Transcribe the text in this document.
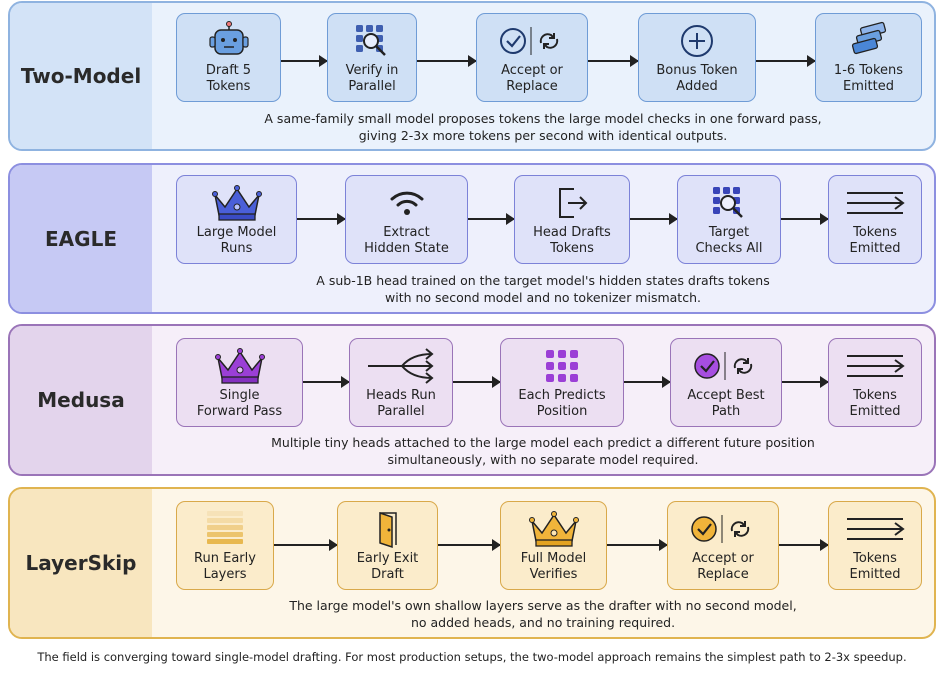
Two-Model	Draft 5
Tokens
Verify in
Parallel
Accept or
Replace
Bonus Token
Added
1-6 Tokens
Emitted
A same-family small model proposes tokens the large model checks in one forward pass,
giving 2-3x more tokens per second with identical outputs.
EAGLE	Large Model
Runs
Extract
Hidden State
Head Drafts
Tokens
Target
Checks All
Tokens
Emitted
A sub-1B head trained on the target model's hidden states drafts tokens
with no second model and no tokenizer mismatch.
Medusa	Single
Forward Pass
Heads Run
Parallel
Each Predicts
Position
Accept Best
Path
Tokens
Emitted
Multiple tiny heads attached to the large model each predict a different future position
simultaneously, with no separate model required.
LayerSkip	Run Early
Layers
Early Exit
Draft
Full Model
Verifies
Accept or
Replace
Tokens
Emitted
The large model's own shallow layers serve as the drafter with no second model,
no added heads, and no training required.
The field is converging toward single-model drafting. For most production setups, the two-model approach remains the simplest path to 2-3x speedup.
